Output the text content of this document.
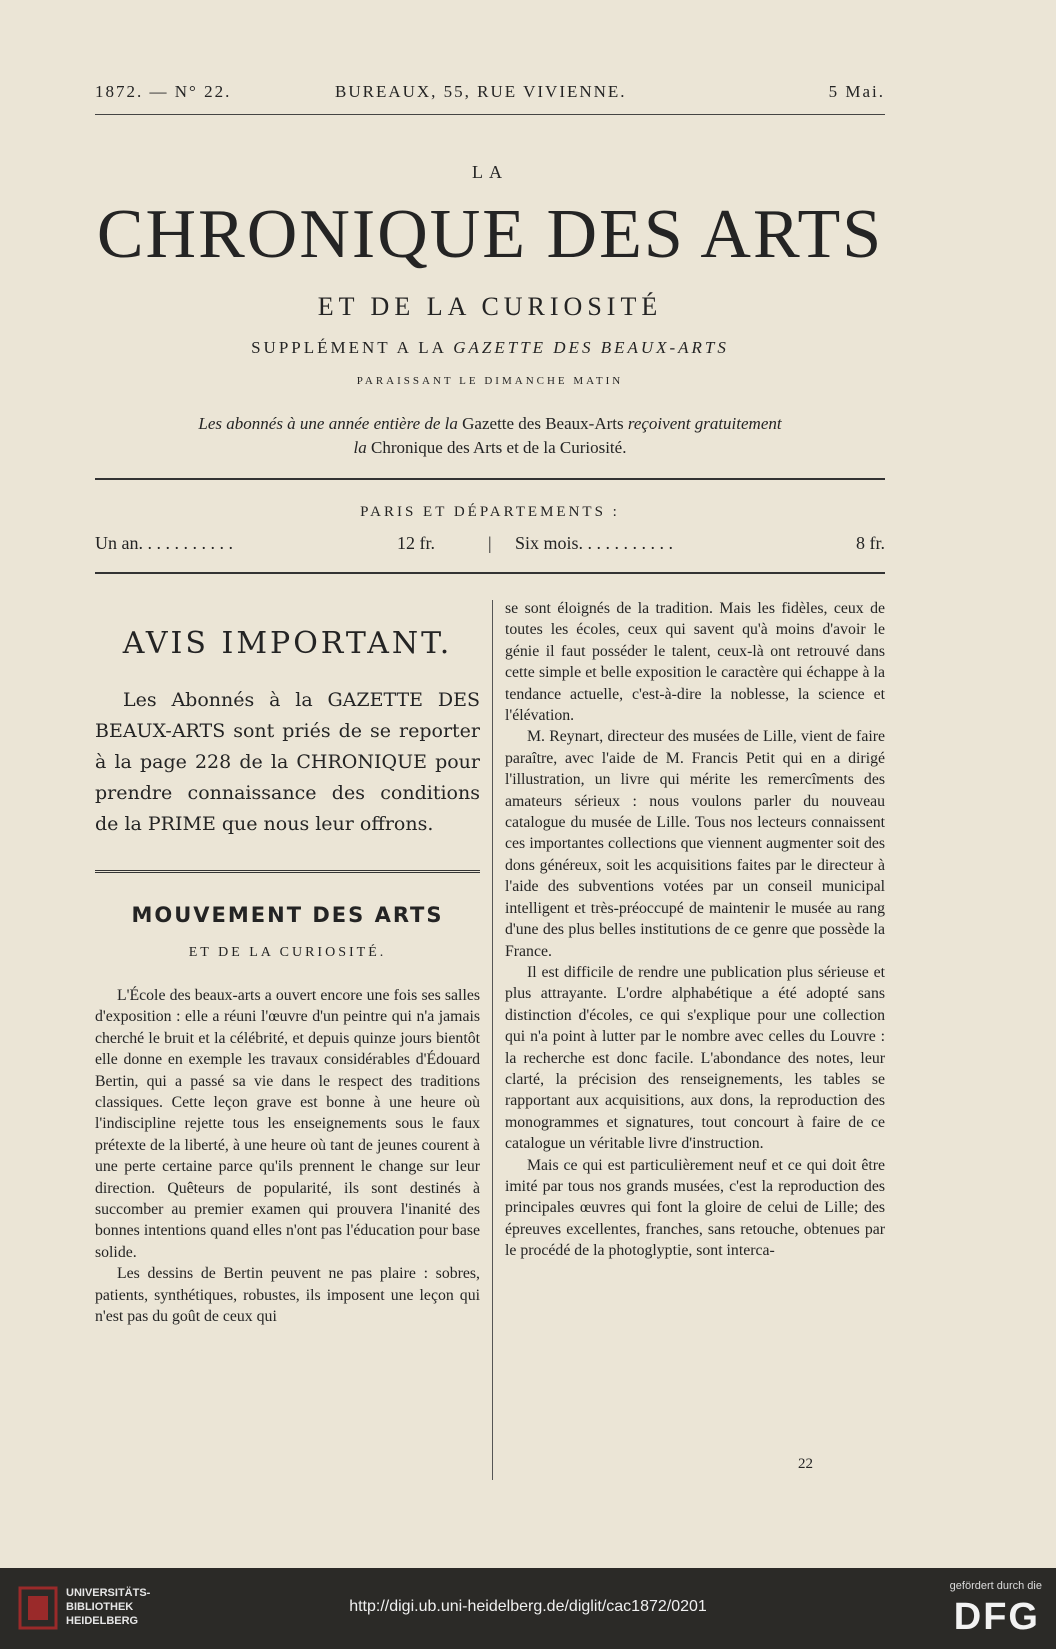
1872. — N° 22.	BUREAUX, 55, RUE VIVIENNE.	5 Mai.
LA
CHRONIQUE DES ARTS
ET DE LA CURIOSITÉ
SUPPLÉMENT A LA GAZETTE DES BEAUX-ARTS
PARAISSANT LE DIMANCHE MATIN
Les abonnés à une année entière de la Gazette des Beaux-Arts reçoivent gratuitement
la Chronique des Arts et de la Curiosité.
PARIS ET DÉPARTEMENTS :
Un an. . . . . . . . . . .	12 fr.	| Six mois. . . . . . . . . . .	8 fr.
AVIS IMPORTANT.
Les Abonnés à la GAZETTE DES BEAUX-ARTS sont priés de se reporter à la page 228 de la CHRONIQUE pour prendre connaissance des conditions de la PRIME que nous leur offrons.
MOUVEMENT DES ARTS
ET DE LA CURIOSITÉ.

L'École des beaux-arts a ouvert encore une fois ses salles d'exposition : elle a réuni l'œuvre d'un peintre qui n'a jamais cherché le bruit et la célébrité, et depuis quinze jours bientôt elle donne en exemple les travaux considérables d'Édouard Bertin, qui a passé sa vie dans le respect des traditions classiques. Cette leçon grave est bonne à une heure où l'indiscipline rejette tous les enseignements sous le faux prétexte de la liberté, à une heure où tant de jeunes courent à une perte certaine parce qu'ils prennent le change sur leur direction. Quêteurs de popularité, ils sont destinés à succomber au premier examen qui prouvera l'inanité des bonnes intentions quand elles n'ont pas l'éducation pour base solide.

Les dessins de Bertin peuvent ne pas plaire : sobres, patients, synthétiques, robustes, ils imposent une leçon qui n'est pas du goût de ceux qui

se sont éloignés de la tradition. Mais les fidèles, ceux de toutes les écoles, ceux qui savent qu'à moins d'avoir le génie il faut posséder le talent, ceux-là ont retrouvé dans cette simple et belle exposition le caractère qui échappe à la tendance actuelle, c'est-à-dire la noblesse, la science et l'élévation.

M. Reynart, directeur des musées de Lille, vient de faire paraître, avec l'aide de M. Francis Petit qui en a dirigé l'illustration, un livre qui mérite les remercîments des amateurs sérieux : nous voulons parler du nouveau catalogue du musée de Lille. Tous nos lecteurs connaissent ces importantes collections que viennent augmenter soit des dons généreux, soit les acquisitions faites par le directeur à l'aide des subventions votées par un conseil municipal intelligent et très-préoccupé de maintenir le musée au rang d'une des plus belles institutions de ce genre que possède la France.

Il est difficile de rendre une publication plus sérieuse et plus attrayante. L'ordre alphabétique a été adopté sans distinction d'écoles, ce qui s'explique pour une collection qui n'a point à lutter par le nombre avec celles du Louvre : la recherche est donc facile. L'abondance des notes, leur clarté, la précision des renseignements, les tables se rapportant aux acquisitions, aux dons, la reproduction des monogrammes et signatures, tout concourt à faire de ce catalogue un véritable livre d'instruction.

Mais ce qui est particulièrement neuf et ce qui doit être imité par tous nos grands musées, c'est la reproduction des principales œuvres qui font la gloire de celui de Lille; des épreuves excellentes, franches, sans retouche, obtenues par le procédé de la photoglyptie, sont interca-

22
UNIVERSITÄTS-
BIBLIOTHEK
HEIDELBERG
http://digi.ub.uni-heidelberg.de/diglit/cac1872/0201
gefördert durch die
DFG
